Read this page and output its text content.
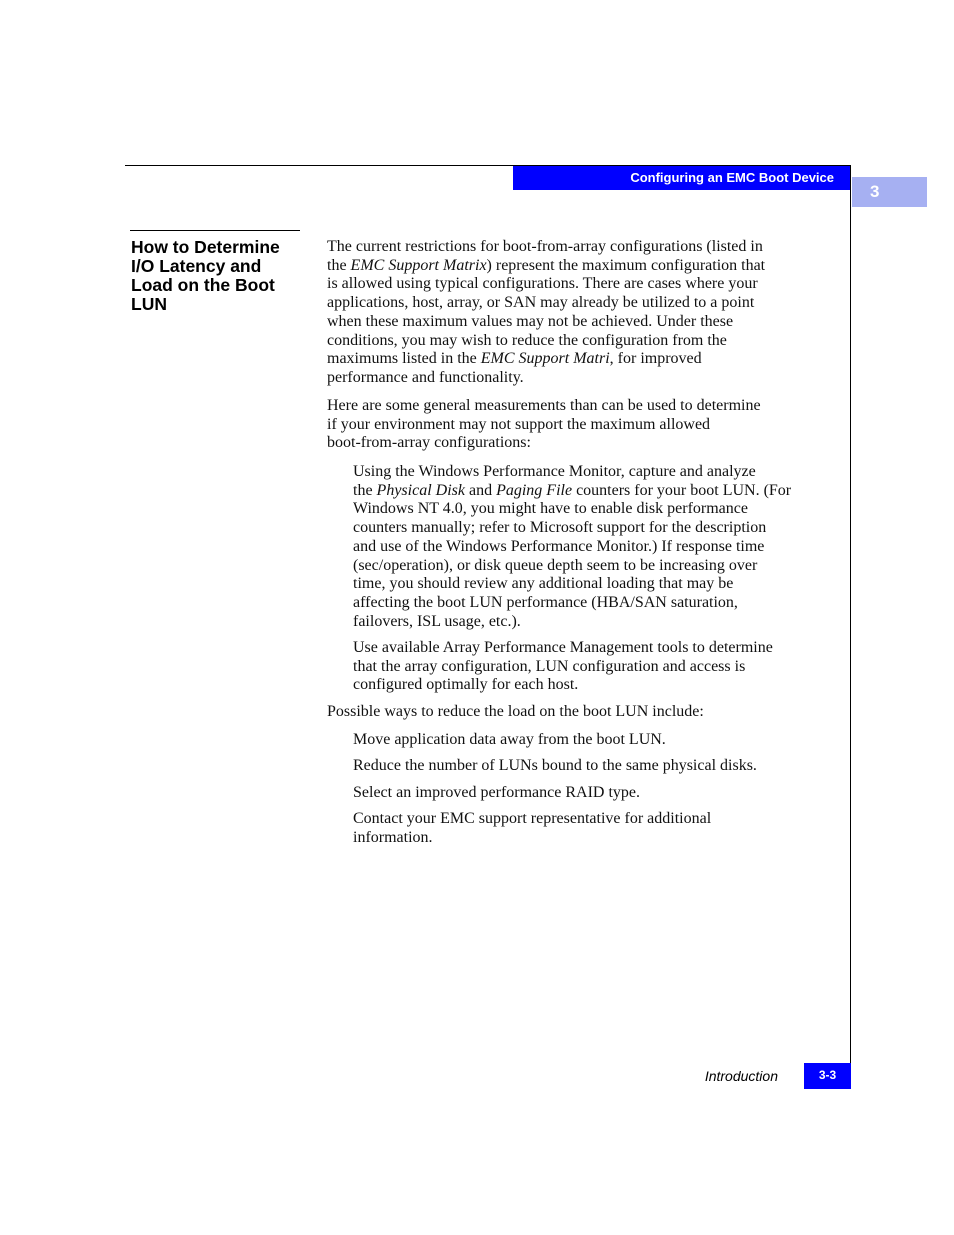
Configuring an EMC Boot Device
3
How to Determine
I/O Latency and
Load on the Boot
LUN
The current restrictions for boot-from-array configurations (listed in
the EMC Support Matrix) represent the maximum configuration that
is allowed using typical configurations. There are cases where your
applications, host, array, or SAN may already be utilized to a point
when these maximum values may not be achieved. Under these
conditions, you may wish to reduce the configuration from the
maximums listed in the EMC Support Matri, for improved
performance and functionality.
Here are some general measurements than can be used to determine
if your environment may not support the maximum allowed
boot-from-array configurations:
Using the Windows Performance Monitor, capture and analyze
the Physical Disk and Paging File counters for your boot LUN. (For
Windows NT 4.0, you might have to enable disk performance
counters manually; refer to Microsoft support for the description
and use of the Windows Performance Monitor.) If response time
(sec/operation), or disk queue depth seem to be increasing over
time, you should review any additional loading that may be
affecting the boot LUN performance (HBA/SAN saturation,
failovers, ISL usage, etc.).
Use available Array Performance Management tools to determine
that the array configuration, LUN configuration and access is
configured optimally for each host.
Possible ways to reduce the load on the boot LUN include:
Move application data away from the boot LUN.
Reduce the number of LUNs bound to the same physical disks.
Select an improved performance RAID type.
Contact your EMC support representative for additional
information.
Introduction	3-3
